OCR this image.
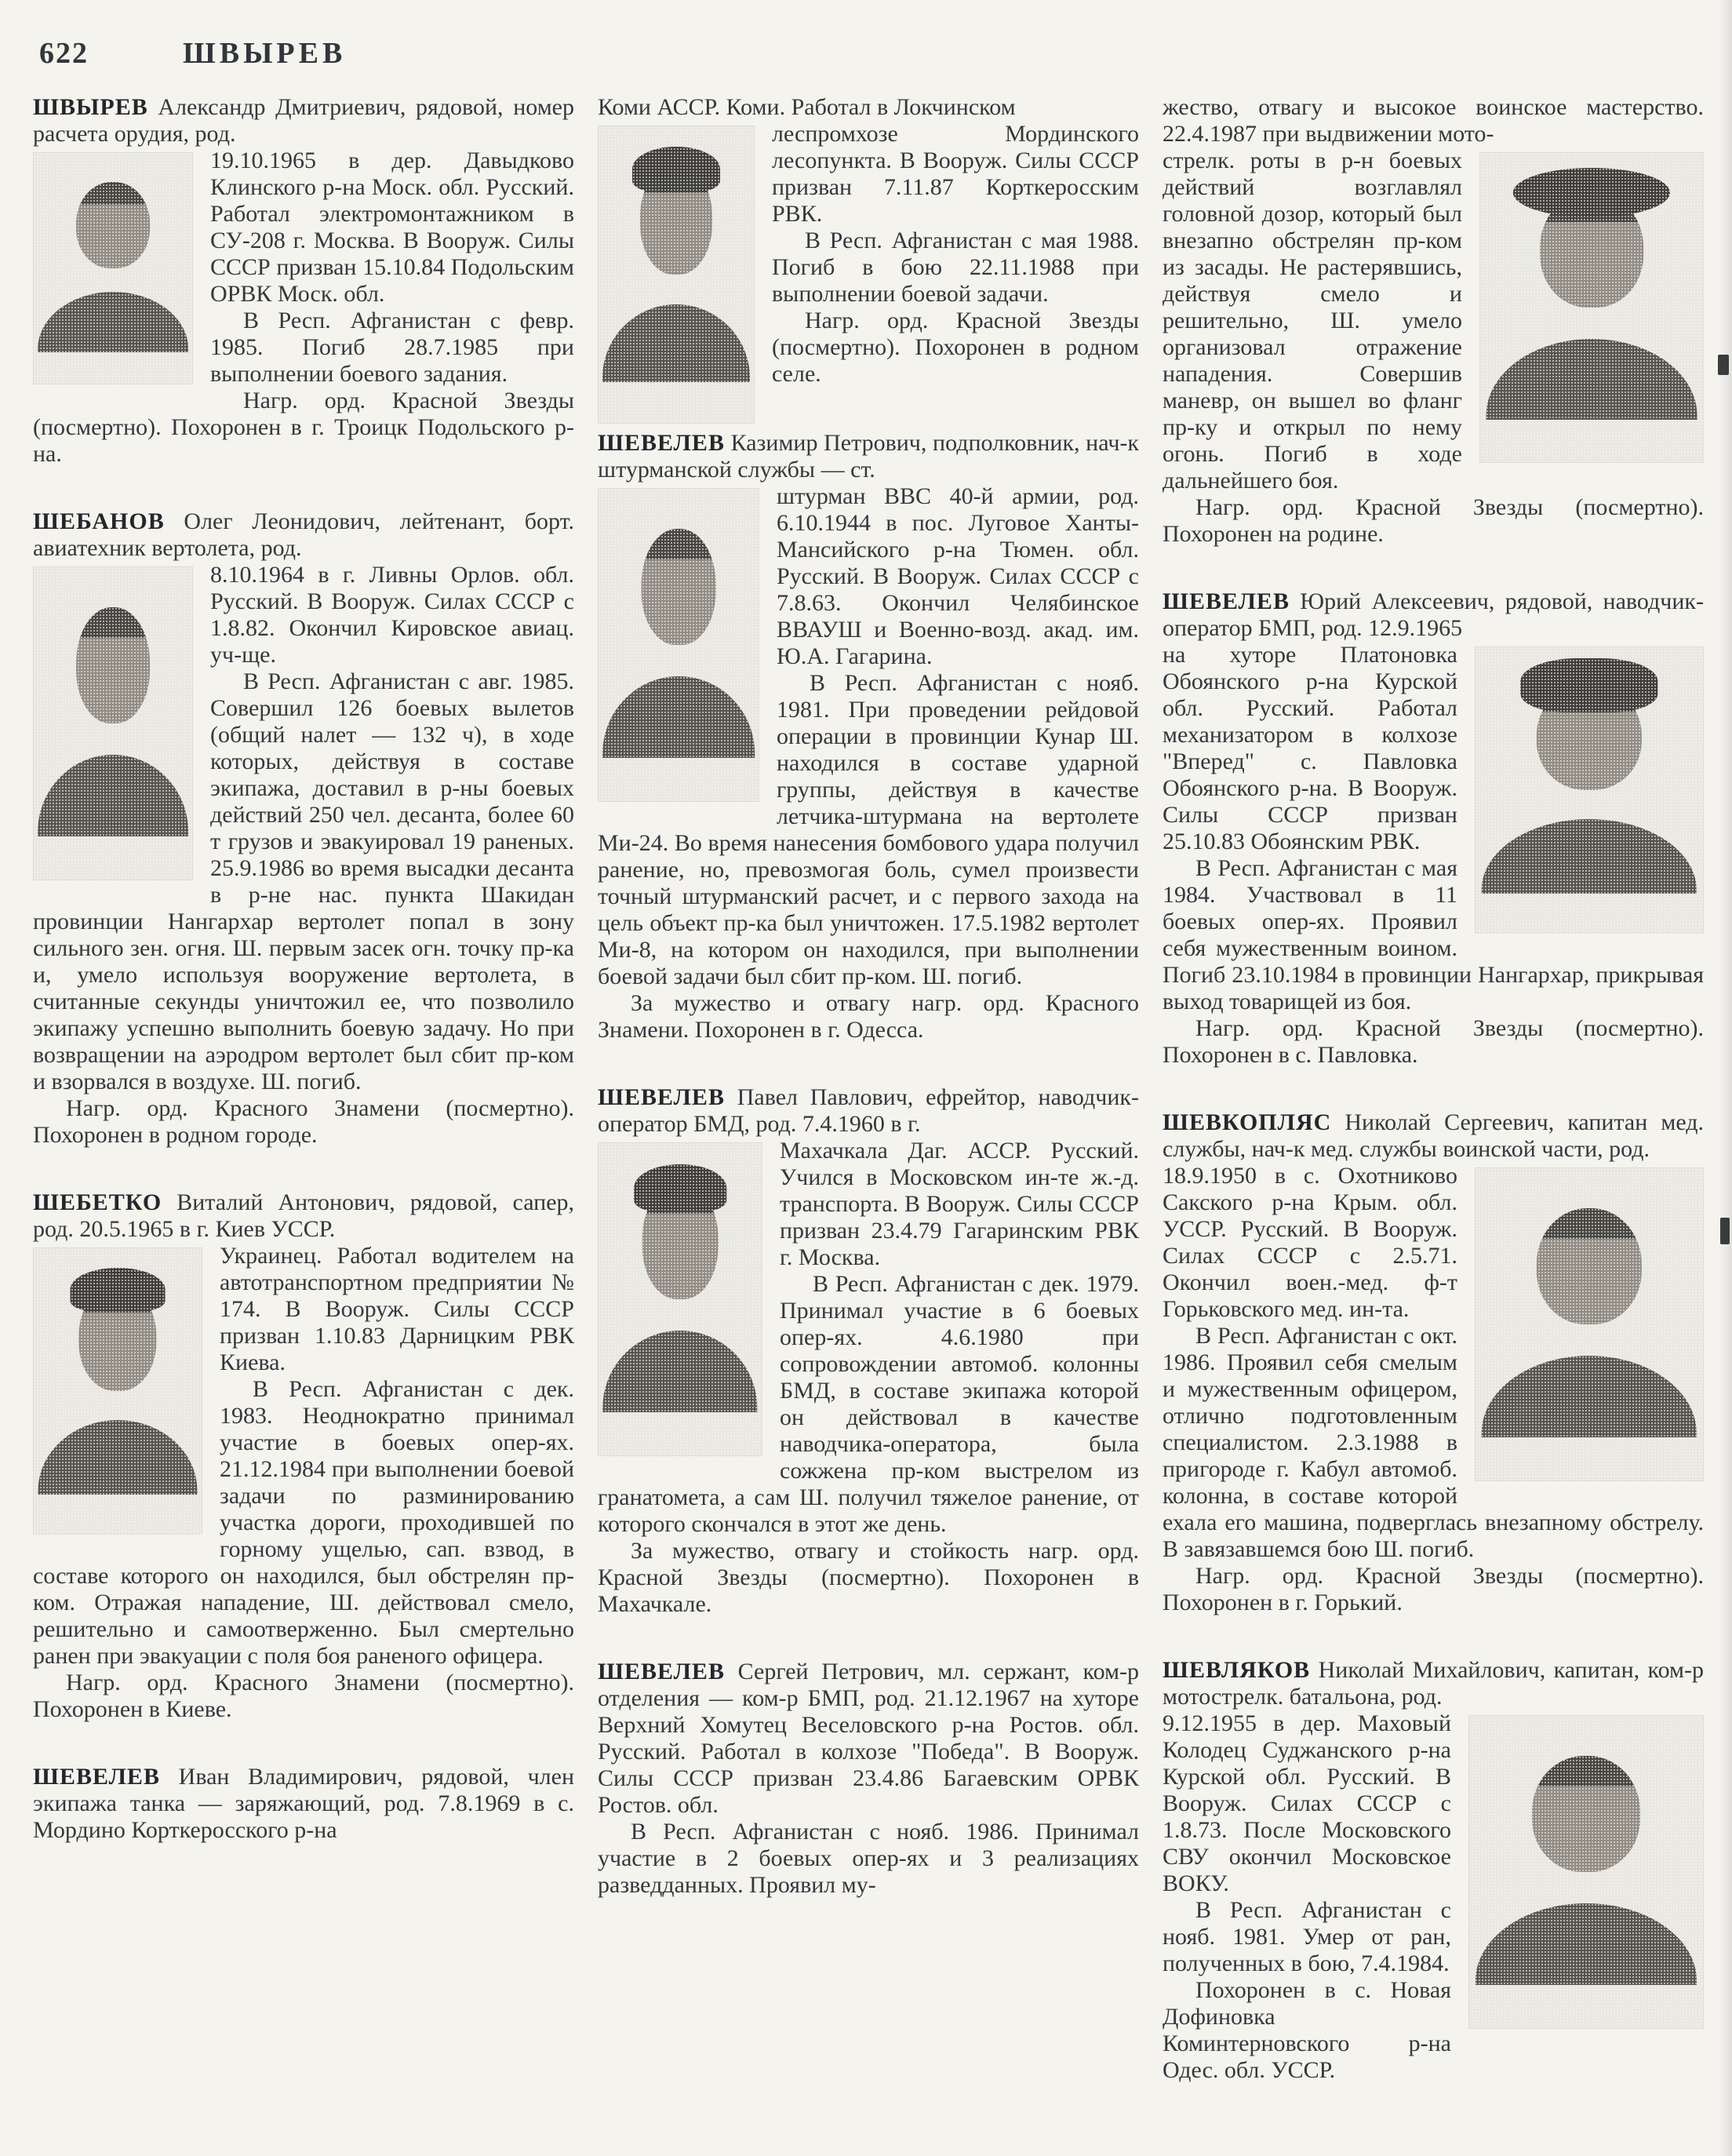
622	ШВЫРЕВ

ШВЫРЕВ Александр Дмитриевич, рядовой, номер расчета орудия, род.

19.10.1965 в дер. Давыдково Клинского р-на Моск. обл. Русский. Работал электромонтажником в СУ-208 г. Москва. В Вооруж. Силы СССР призван 15.10.84 Подольским ОРВК Моск. обл.

В Респ. Афганистан с февр. 1985. Погиб 28.7.1985 при выполнении боевого задания.

Нагр. орд. Красной Звезды (посмертно). Похоронен в г. Троицк Подольского р-на.

ШЕБАНОВ Олег Леонидович, лейтенант, борт. авиатехник вертолета, род.

8.10.1964 в г. Ливны Орлов. обл. Русский. В Вооруж. Силах СССР с 1.8.82. Окончил Кировское авиац. уч-ще.

В Респ. Афганистан с авг. 1985. Совершил 126 боевых вылетов (общий налет — 132 ч), в ходе которых, действуя в составе экипажа, доставил в р-ны боевых действий 250 чел. десанта, более 60 т грузов и эвакуировал 19 раненых. 25.9.1986 во время высадки десанта в р-не нас. пункта Шакидан провинции Нангархар вертолет попал в зону сильного зен. огня. Ш. первым засек огн. точку пр-ка и, умело используя вооружение вертолета, в считанные секунды уничтожил ее, что позволило экипажу успешно выполнить боевую задачу. Но при возвращении на аэродром вертолет был сбит пр-ком и взорвался в воздухе. Ш. погиб.

Нагр. орд. Красного Знамени (посмертно). Похоронен в родном городе.

ШЕБЕТКО Виталий Антонович, рядовой, сапер, род. 20.5.1965 в г. Киев УССР.

Украинец. Работал водителем на автотранспортном предприятии № 174. В Вооруж. Силы СССР призван 1.10.83 Дарницким РВК Киева.

В Респ. Афганистан с дек. 1983. Неоднократно принимал участие в боевых опер-ях. 21.12.1984 при выполнении боевой задачи по разминированию участка дороги, проходившей по горному ущелью, сап. взвод, в составе которого он находился, был обстрелян пр-ком. Отражая нападение, Ш. действовал смело, решительно и самоотверженно. Был смертельно ранен при эвакуации с поля боя раненого офицера.

Нагр. орд. Красного Знамени (посмертно). Похоронен в Киеве.

ШЕВЕЛЕВ Иван Владимирович, рядовой, член экипажа танка — заряжающий, род. 7.8.1969 в с. Мордино Корткеросского р-на

Коми АССР. Коми. Работал в Локчинском

леспромхозе Мординского лесопункта. В Вооруж. Силы СССР призван 7.11.87 Корткеросским РВК.

В Респ. Афганистан с мая 1988. Погиб в бою 22.11.1988 при выполнении боевой задачи.

Нагр. орд. Красной Звезды (посмертно). Похоронен в родном селе.

ШЕВЕЛЕВ Казимир Петрович, подполковник, нач-к штурманской службы — ст.

штурман ВВС 40-й армии, род. 6.10.1944 в пос. Луговое Ханты-Мансийского р-на Тюмен. обл. Русский. В Вооруж. Силах СССР с 7.8.63. Окончил Челябинское ВВАУШ и Военно-возд. акад. им. Ю.А. Гагарина.

В Респ. Афганистан с нояб. 1981. При проведении рейдовой операции в провинции Кунар Ш. находился в составе ударной группы, действуя в качестве летчика-штурмана на вертолете Ми-24. Во время нанесения бомбового удара получил ранение, но, превозмогая боль, сумел произвести точный штурманский расчет, и с первого захода на цель объект пр-ка был уничтожен. 17.5.1982 вертолет Ми-8, на котором он находился, при выполнении боевой задачи был сбит пр-ком. Ш. погиб.

За мужество и отвагу нагр. орд. Красного Знамени. Похоронен в г. Одесса.

ШЕВЕЛЕВ Павел Павлович, ефрейтор, наводчик-оператор БМД, род. 7.4.1960 в г.

Махачкала Даг. АССР. Русский. Учился в Московском ин-те ж.-д. транспорта. В Вооруж. Силы СССР призван 23.4.79 Гагаринским РВК г. Москва.

В Респ. Афганистан с дек. 1979. Принимал участие в 6 боевых опер-ях. 4.6.1980 при сопровождении автомоб. колонны БМД, в составе экипажа которой он действовал в качестве наводчика-оператора, была сожжена пр-ком выстрелом из гранатомета, а сам Ш. получил тяжелое ранение, от которого скончался в этот же день.

За мужество, отвагу и стойкость нагр. орд. Красной Звезды (посмертно). Похоронен в Махачкале.

ШЕВЕЛЕВ Сергей Петрович, мл. сержант, ком-р отделения — ком-р БМП, род. 21.12.1967 на хуторе Верхний Хомутец Веселовского р-на Ростов. обл. Русский. Работал в колхозе "Победа". В Вооруж. Силы СССР призван 23.4.86 Багаевским ОРВК Ростов. обл.

В Респ. Афганистан с нояб. 1986. Принимал участие в 2 боевых опер-ях и 3 реализациях разведданных. Проявил му-

жество, отвагу и высокое воинское мастерство. 22.4.1987 при выдвижении мото-

стрелк. роты в р-н боевых действий возглавлял головной дозор, который был внезапно обстрелян пр-ком из засады. Не растерявшись, действуя смело и решительно, Ш. умело организовал отражение нападения. Совершив маневр, он вышел во фланг пр-ку и открыл по нему огонь. Погиб в ходе дальнейшего боя.

Нагр. орд. Красной Звезды (посмертно). Похоронен на родине.

ШЕВЕЛЕВ Юрий Алексеевич, рядовой, наводчик-оператор БМП, род. 12.9.1965

на хуторе Платоновка Обоянского р-на Курской обл. Русский. Работал механизатором в колхозе "Вперед" с. Павловка Обоянского р-на. В Вооруж. Силы СССР призван 25.10.83 Обоянским РВК.

В Респ. Афганистан с мая 1984. Участвовал в 11 боевых опер-ях. Проявил себя мужественным воином. Погиб 23.10.1984 в провинции Нангархар, прикрывая выход товарищей из боя.

Нагр. орд. Красной Звезды (посмертно). Похоронен в с. Павловка.

ШЕВКОПЛЯС Николай Сергеевич, капитан мед. службы, нач-к мед. службы воинской части, род.

18.9.1950 в с. Охотниково Сакского р-на Крым. обл. УССР. Русский. В Вооруж. Силах СССР с 2.5.71. Окончил воен.-мед. ф-т Горьковского мед. ин-та.

В Респ. Афганистан с окт. 1986. Проявил себя смелым и мужественным офицером, отлично подготовленным специалистом. 2.3.1988 в пригороде г. Кабул автомоб. колонна, в составе которой ехала его машина, подверглась внезапному обстрелу. В завязавшемся бою Ш. погиб.

Нагр. орд. Красной Звезды (посмертно). Похоронен в г. Горький.

ШЕВЛЯКОВ Николай Михайлович, капитан, ком-р мотострелк. батальона, род.

9.12.1955 в дер. Маховый Колодец Суджанского р-на Курской обл. Русский. В Вооруж. Силах СССР с 1.8.73. После Московского СВУ окончил Московское ВОКУ.

В Респ. Афганистан с нояб. 1981. Умер от ран, полученных в бою, 7.4.1984.

Похоронен в с. Новая Дофиновка Коминтерновского р-на Одес. обл. УССР.
